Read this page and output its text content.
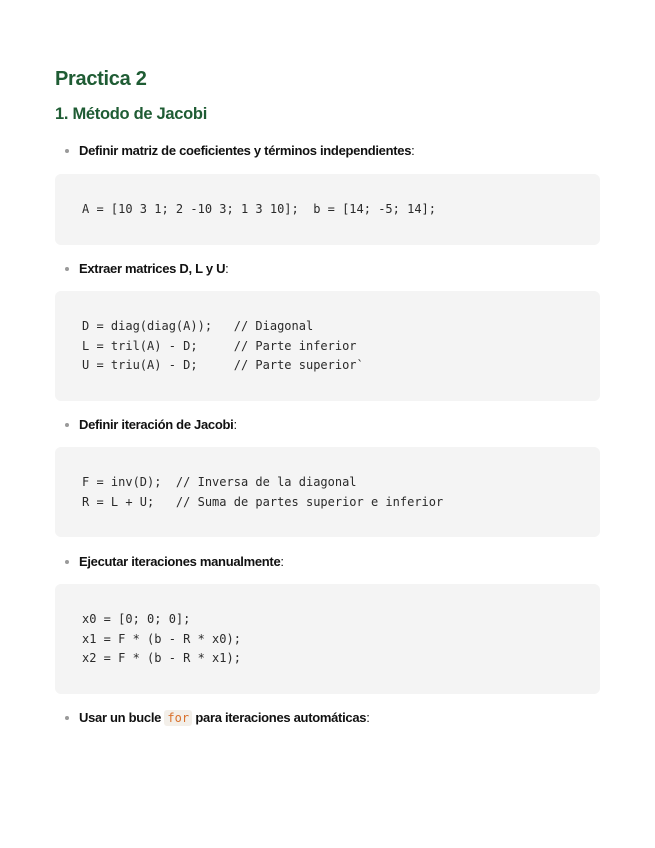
Practica 2
1. Método de Jacobi
Definir matriz de coeficientes y términos independientes:
A = [10 3 1; 2 -10 3; 1 3 10];  b = [14; -5; 14];
Extraer matrices D, L y U:
D = diag(diag(A));   // Diagonal
L = tril(A) - D;     // Parte inferior
U = triu(A) - D;     // Parte superior`
Definir iteración de Jacobi:
F = inv(D);  // Inversa de la diagonal
R = L + U;   // Suma de partes superior e inferior
Ejecutar iteraciones manualmente:
x0 = [0; 0; 0];
x1 = F * (b - R * x0);
x2 = F * (b - R * x1);
Usar un bucle for para iteraciones automáticas:
